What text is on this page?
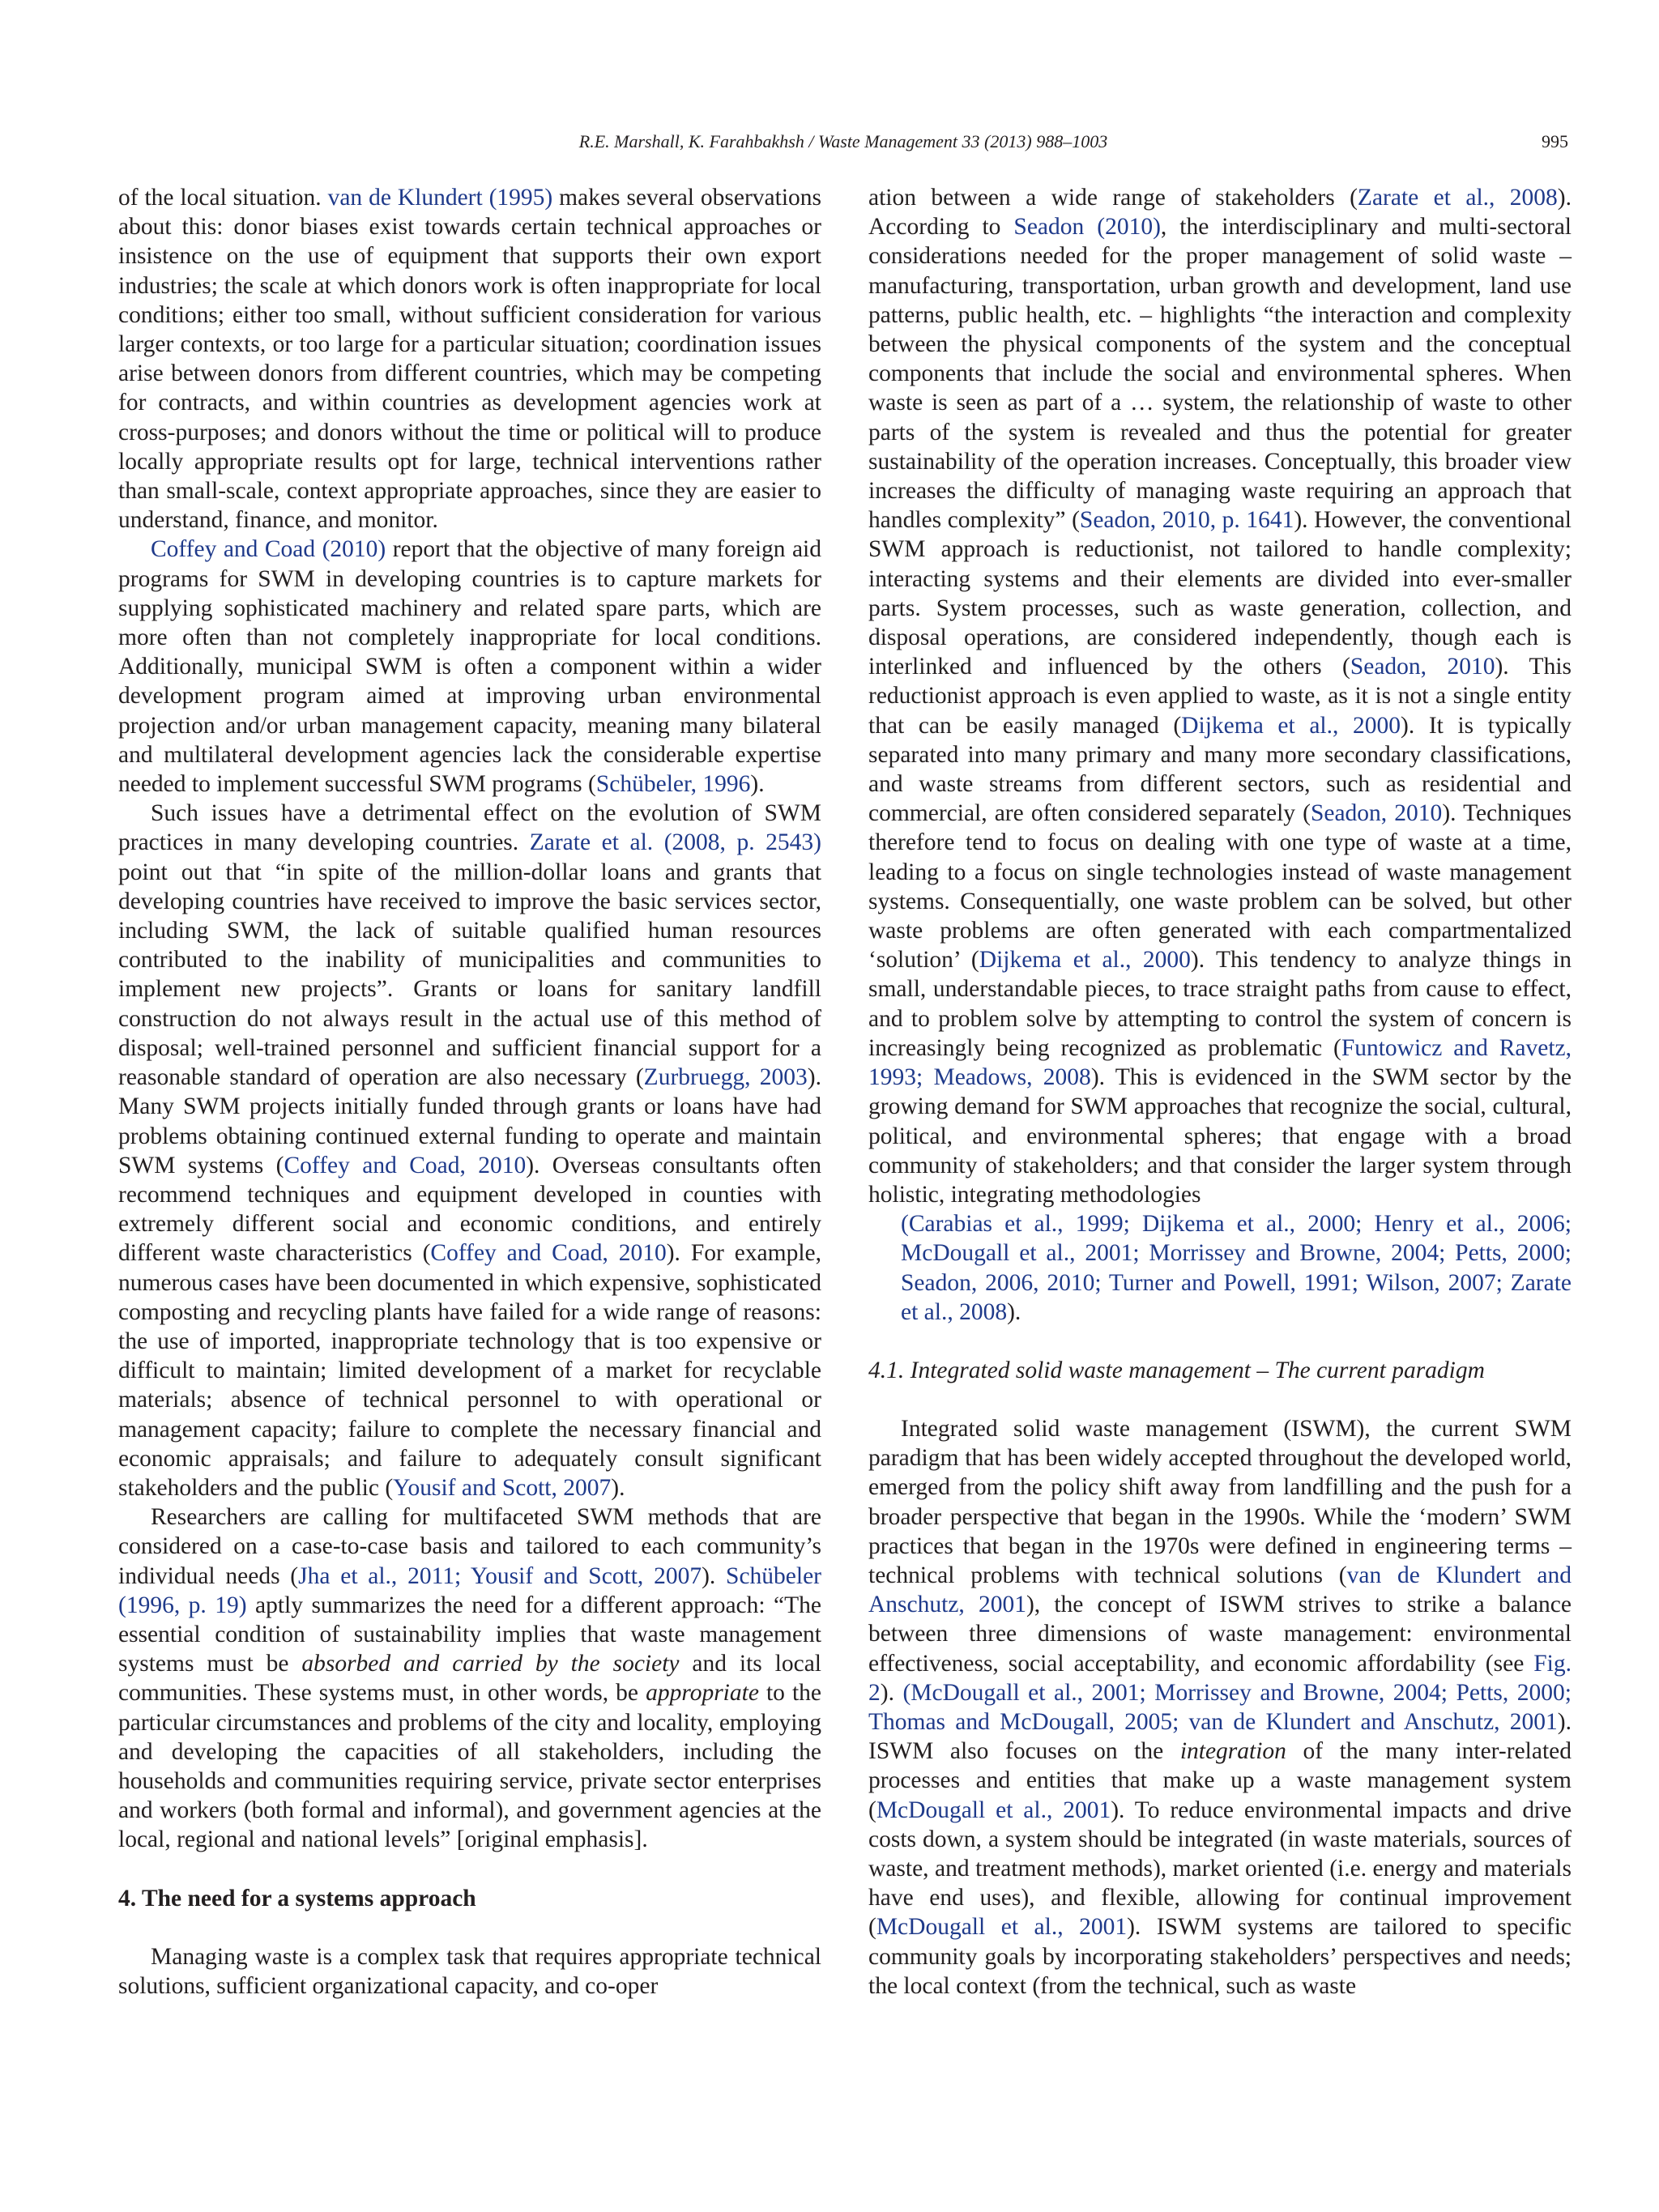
R.E. Marshall, K. Farahbakhsh / Waste Management 33 (2013) 988–1003	995

of the local situation. van de Klundert (1995) makes several observations about this: donor biases exist towards certain technical approaches or insistence on the use of equipment that supports their own export industries; the scale at which donors work is often inappropriate for local conditions; either too small, without sufficient consideration for various larger contexts, or too large for a particular situation; coordination issues arise between donors from different countries, which may be competing for contracts, and within countries as development agencies work at cross-purposes; and donors without the time or political will to produce locally appropriate results opt for large, technical interventions rather than small-scale, context appropriate approaches, since they are easier to understand, finance, and monitor.

Coffey and Coad (2010) report that the objective of many foreign aid programs for SWM in developing countries is to capture markets for supplying sophisticated machinery and related spare parts, which are more often than not completely inappropriate for local conditions. Additionally, municipal SWM is often a component within a wider development program aimed at improving urban environmental projection and/or urban management capacity, meaning many bilateral and multilateral development agencies lack the considerable expertise needed to implement successful SWM programs (Schübeler, 1996).

Such issues have a detrimental effect on the evolution of SWM practices in many developing countries. Zarate et al. (2008, p. 2543) point out that “in spite of the million-dollar loans and grants that developing countries have received to improve the basic services sector, including SWM, the lack of suitable qualified human resources contributed to the inability of municipalities and communities to implement new projects”. Grants or loans for sanitary landfill construction do not always result in the actual use of this method of disposal; well-trained personnel and sufficient financial support for a reasonable standard of operation are also necessary (Zurbruegg, 2003). Many SWM projects initially funded through grants or loans have had problems obtaining continued external funding to operate and maintain SWM systems (Coffey and Coad, 2010). Overseas consultants often recommend techniques and equipment developed in counties with extremely different social and economic conditions, and entirely different waste characteristics (Coffey and Coad, 2010). For example, numerous cases have been documented in which expensive, sophisticated composting and recycling plants have failed for a wide range of reasons: the use of imported, inappropriate technology that is too expensive or difficult to maintain; limited development of a market for recyclable materials; absence of technical personnel to with operational or management capacity; failure to complete the necessary financial and economic appraisals; and failure to adequately consult significant stakeholders and the public (Yousif and Scott, 2007).

Researchers are calling for multifaceted SWM methods that are considered on a case-to-case basis and tailored to each community’s individual needs (Jha et al., 2011; Yousif and Scott, 2007). Schübeler (1996, p. 19) aptly summarizes the need for a different approach: “The essential condition of sustainability implies that waste management systems must be absorbed and carried by the society and its local communities. These systems must, in other words, be appropriate to the particular circumstances and problems of the city and locality, employing and developing the capacities of all stakeholders, including the households and communities requiring service, private sector enterprises and workers (both formal and informal), and government agencies at the local, regional and national levels” [original emphasis].

4. The need for a systems approach

Managing waste is a complex task that requires appropriate technical solutions, sufficient organizational capacity, and co-oper

ation between a wide range of stakeholders (Zarate et al., 2008). According to Seadon (2010), the interdisciplinary and multi-sectoral considerations needed for the proper management of solid waste – manufacturing, transportation, urban growth and development, land use patterns, public health, etc. – highlights “the interaction and complexity between the physical components of the system and the conceptual components that include the social and environmental spheres. When waste is seen as part of a … system, the relationship of waste to other parts of the system is revealed and thus the potential for greater sustainability of the operation increases. Conceptually, this broader view increases the difficulty of managing waste requiring an approach that handles complexity” (Seadon, 2010, p. 1641). However, the conventional SWM approach is reductionist, not tailored to handle complexity; interacting systems and their elements are divided into ever-smaller parts. System processes, such as waste generation, collection, and disposal operations, are considered independently, though each is interlinked and influenced by the others (Seadon, 2010). This reductionist approach is even applied to waste, as it is not a single entity that can be easily managed (Dijkema et al., 2000). It is typically separated into many primary and many more secondary classifications, and waste streams from different sectors, such as residential and commercial, are often considered separately (Seadon, 2010). Techniques therefore tend to focus on dealing with one type of waste at a time, leading to a focus on single technologies instead of waste management systems. Consequentially, one waste problem can be solved, but other waste problems are often generated with each compartmentalized ‘solution’ (Dijkema et al., 2000). This tendency to analyze things in small, understandable pieces, to trace straight paths from cause to effect, and to problem solve by attempting to control the system of concern is increasingly being recognized as problematic (Funtowicz and Ravetz, 1993; Meadows, 2008). This is evidenced in the SWM sector by the growing demand for SWM approaches that recognize the social, cultural, political, and environmental spheres; that engage with a broad community of stakeholders; and that consider the larger system through holistic, integrating methodologies

(Carabias et al., 1999; Dijkema et al., 2000; Henry et al., 2006; McDougall et al., 2001; Morrissey and Browne, 2004; Petts, 2000; Seadon, 2006, 2010; Turner and Powell, 1991; Wilson, 2007; Zarate et al., 2008).

4.1. Integrated solid waste management – The current paradigm

Integrated solid waste management (ISWM), the current SWM paradigm that has been widely accepted throughout the developed world, emerged from the policy shift away from landfilling and the push for a broader perspective that began in the 1990s. While the ‘modern’ SWM practices that began in the 1970s were defined in engineering terms – technical problems with technical solutions (van de Klundert and Anschutz, 2001), the concept of ISWM strives to strike a balance between three dimensions of waste management: environmental effectiveness, social acceptability, and economic affordability (see Fig. 2). (McDougall et al., 2001; Morrissey and Browne, 2004; Petts, 2000; Thomas and McDougall, 2005; van de Klundert and Anschutz, 2001). ISWM also focuses on the integration of the many inter-related processes and entities that make up a waste management system (McDougall et al., 2001). To reduce environmental impacts and drive costs down, a system should be integrated (in waste materials, sources of waste, and treatment methods), market oriented (i.e. energy and materials have end uses), and flexible, allowing for continual improvement (McDougall et al., 2001). ISWM systems are tailored to specific community goals by incorporating stakeholders’ perspectives and needs; the local context (from the technical, such as waste
